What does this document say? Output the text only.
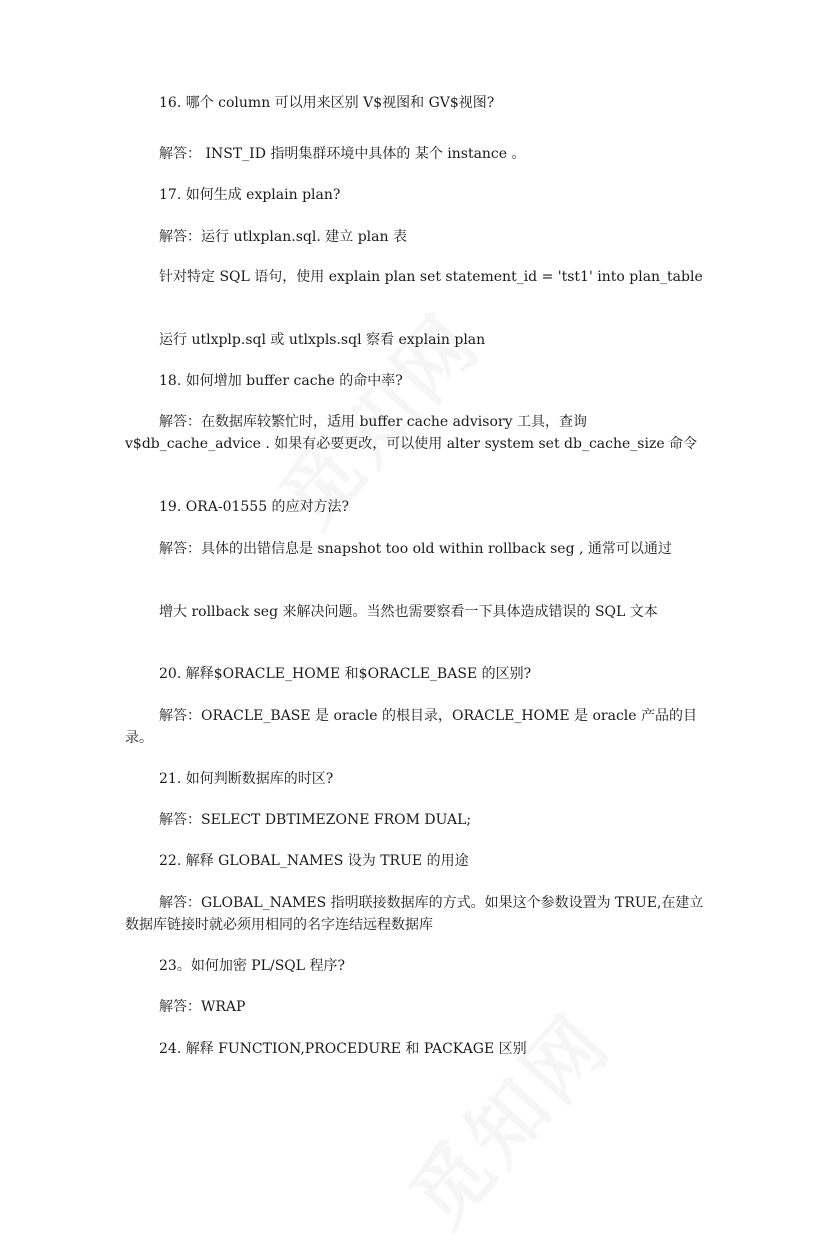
16. 哪个 column 可以用来区别 V$视图和 GV$视图?

解答： INST_ID 指明集群环境中具体的 某个 instance 。

17. 如何生成 explain plan?

解答：运行 utlxplan.sql. 建立 plan 表

针对特定 SQL 语句，使用 explain plan set statement_id = 'tst1' into plan_table

运行 utlxplp.sql 或 utlxpls.sql 察看 explain plan

18. 如何增加 buffer cache 的命中率?

解答：在数据库较繁忙时，适用 buffer cache advisory 工具，查询 v$db_cache_advice . 如果有必要更改，可以使用 alter system set db_cache_size 命令

19. ORA-01555 的应对方法?

解答：具体的出错信息是 snapshot too old within rollback seg , 通常可以通过

增大 rollback seg 来解决问题。当然也需要察看一下具体造成错误的 SQL 文本

20. 解释$ORACLE_HOME 和$ORACLE_BASE 的区别?

解答：ORACLE_BASE 是 oracle 的根目录，ORACLE_HOME 是 oracle 产品的目录。

21. 如何判断数据库的时区?

解答：SELECT DBTIMEZONE FROM DUAL;

22. 解释 GLOBAL_NAMES 设为 TRUE 的用途

解答：GLOBAL_NAMES 指明联接数据库的方式。如果这个参数设置为 TRUE,在建立数据库链接时就必须用相同的名字连结远程数据库

23。如何加密 PL/SQL 程序?

解答：WRAP

24. 解释 FUNCTION,PROCEDURE 和 PACKAGE 区别
